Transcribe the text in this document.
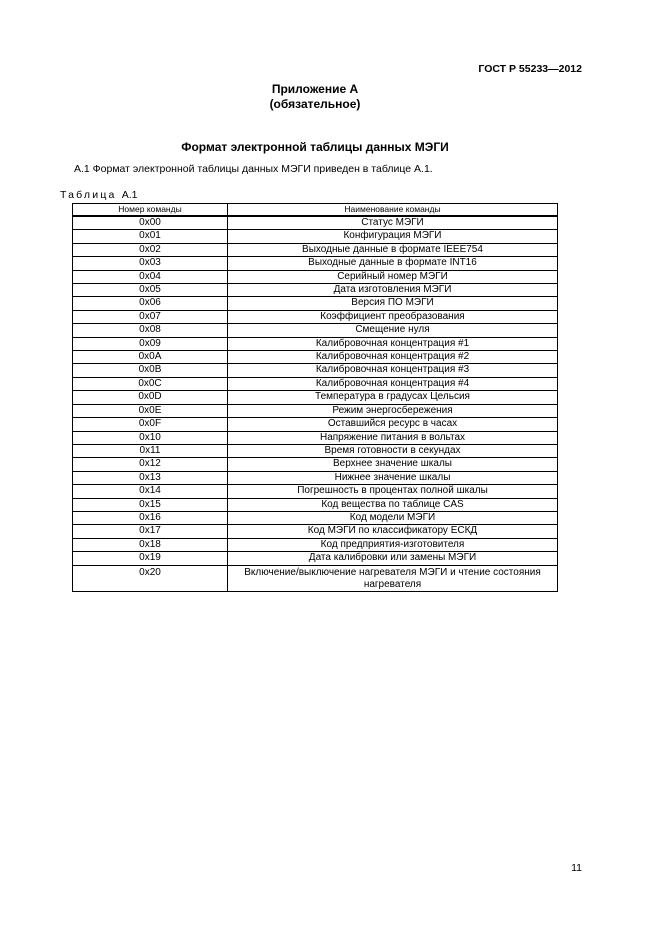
ГОСТ Р 55233—2012
Приложение А
(обязательное)
Формат электронной таблицы данных МЭГИ
А.1 Формат электронной таблицы данных МЭГИ приведен в таблице А.1.
Таблица А.1
Номер команды	Наименование команды
0x00	Статус МЭГИ
0x01	Конфигурация МЭГИ
0x02	Выходные данные в формате IEEE754
0x03	Выходные данные в формате INT16
0x04	Серийный номер МЭГИ
0x05	Дата изготовления МЭГИ
0x06	Версия ПО МЭГИ
0x07	Коэффициент преобразования
0x08	Смещение нуля
0x09	Калибровочная концентрация #1
0x0A	Калибровочная концентрация #2
0x0B	Калибровочная концентрация #3
0x0C	Калибровочная концентрация #4
0x0D	Температура в градусах Цельсия
0x0E	Режим энергосбережения
0x0F	Оставшийся ресурс в часах
0x10	Напряжение питания в вольтах
0x11	Время готовности в секундах
0x12	Верхнее значение шкалы
0x13	Нижнее значение шкалы
0x14	Погрешность в процентах полной шкалы
0x15	Код вещества по таблице CAS
0x16	Код модели МЭГИ
0x17	Код МЭГИ по классификатору ЕСКД
0x18	Код предприятия-изготовителя
0x19	Дата калибровки или замены МЭГИ
0x20	Включение/выключение нагревателя МЭГИ и чтение состояния нагревателя
11
